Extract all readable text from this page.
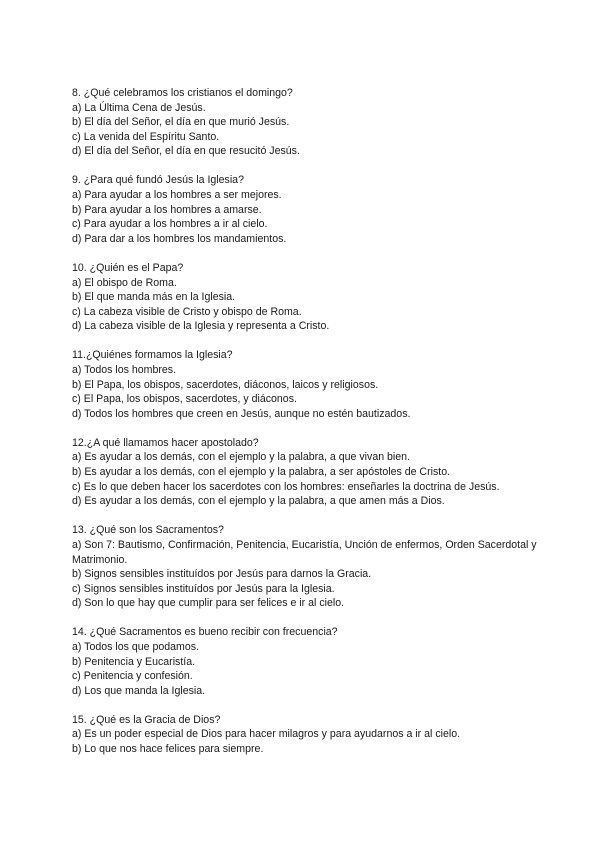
8. ¿Qué celebramos los cristianos el domingo?
a) La Última Cena de Jesús.
b) El día del Señor, el día en que murió Jesús.
c) La venida del Espíritu Santo.
d) El día del Señor, el día en que resucitó Jesús.
9. ¿Para qué fundó Jesús la Iglesia?
a) Para ayudar a los hombres a ser mejores.
b) Para ayudar a los hombres a amarse.
c) Para ayudar a los hombres a ir al cielo.
d) Para dar a los hombres los mandamientos.
10. ¿Quién es el Papa?
a) El obispo de Roma.
b) El que manda más en la Iglesia.
c) La cabeza visible de Cristo y obispo de Roma.
d) La cabeza visible de la Iglesia y representa a Cristo.
11.¿Quiénes formamos la Iglesia?
a) Todos los hombres.
b) El Papa, los obispos, sacerdotes, diáconos, laicos y religiosos.
c) El Papa, los obispos, sacerdotes, y diáconos.
d) Todos los hombres que creen en Jesús, aunque no estén bautizados.
12.¿A qué llamamos hacer apostolado?
a) Es ayudar a los demás, con el ejemplo y la palabra, a que vivan bien.
b) Es ayudar a los demás, con el ejemplo y la palabra, a ser apóstoles de Cristo.
c) Es lo que deben hacer los sacerdotes con los hombres: enseñarles la doctrina de Jesús.
d) Es ayudar a los demás, con el ejemplo y la palabra, a que amen más a Dios.
13. ¿Qué son los Sacramentos?
a) Son 7: Bautismo, Confirmación, Penitencia, Eucaristía, Unción de enfermos, Orden Sacerdotal y Matrimonio.
b) Signos sensibles instituídos por Jesús para darnos la Gracia.
c) Signos sensibles instituídos por Jesús para la Iglesia.
d) Son lo que hay que cumplir para ser felices e ir al cielo.
14. ¿Qué Sacramentos es bueno recibir con frecuencia?
a) Todos los que podamos.
b) Penitencia y Eucaristía.
c) Penitencia y confesión.
d) Los que manda la Iglesia.
15. ¿Qué es la Gracia de Dios?
a) Es un poder especial de Dios para hacer milagros y para ayudarnos a ir al cielo.
b) Lo que nos hace felices para siempre.
